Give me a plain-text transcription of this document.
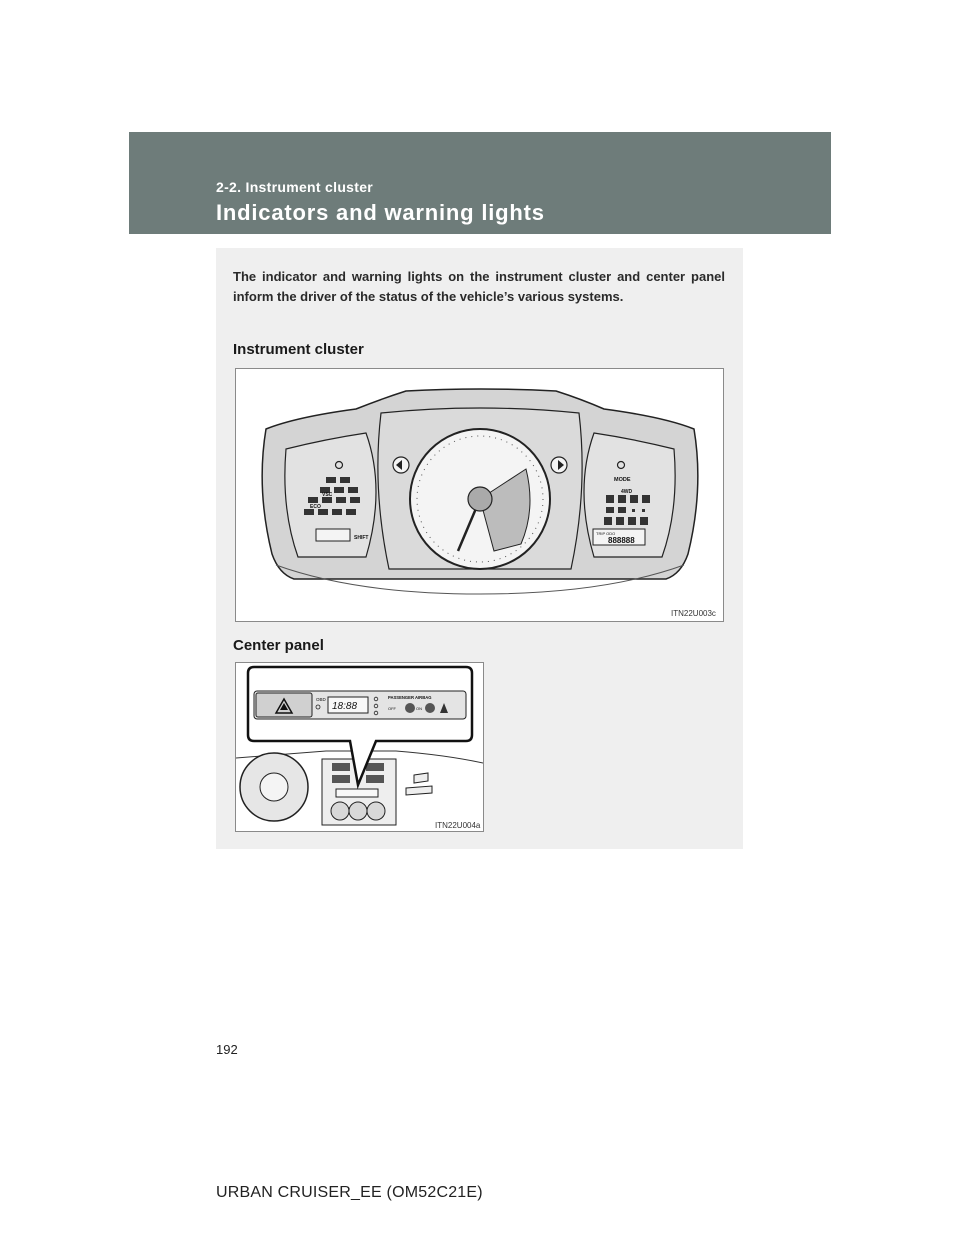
2-2. Instrument cluster
Indicators and warning lights
The indicator and warning lights on the instrument cluster and center panel inform the driver of the status of the vehicle’s various systems.
Instrument cluster
VSC
ECO
SHIFT
MODE
4WD
TRIP ODO
888888
ITN22U003c
Center panel
OBD
18:88
PASSENGER AIRBAG
OFF	ON
ITN22U004a
192
URBAN CRUISER_EE (OM52C21E)
